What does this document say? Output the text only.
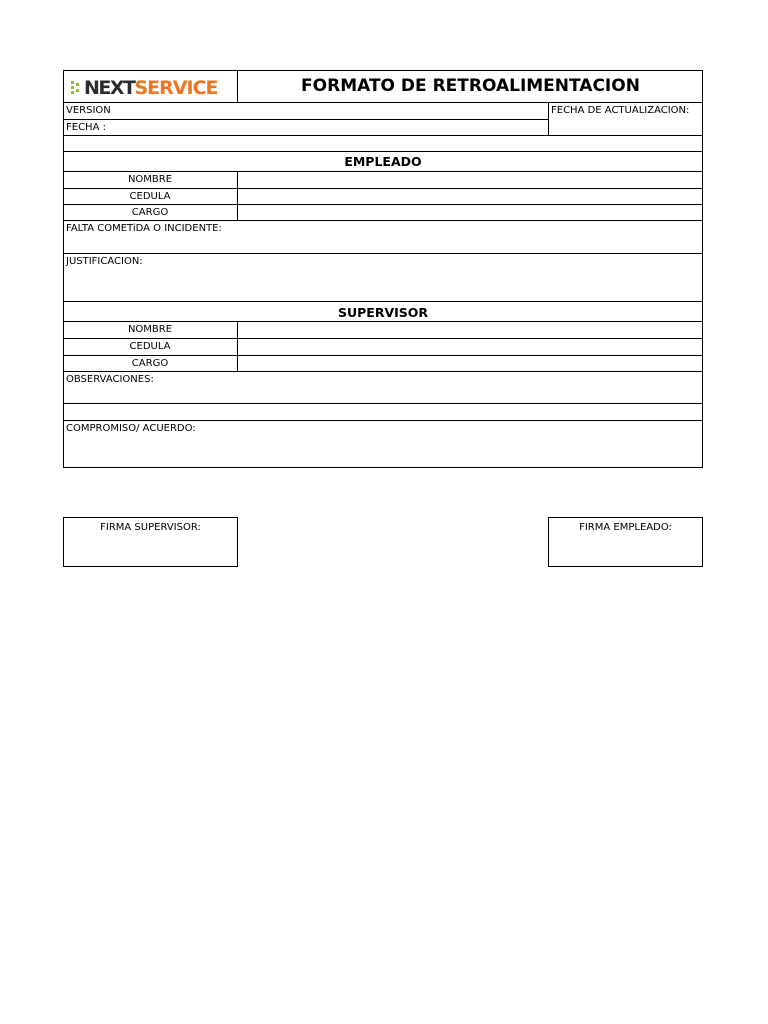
NEXT SERVICE	FORMATO DE RETROALIMENTACION
VERSION	FECHA DE ACTUALIZACION:
FECHA :
EMPLEADO
NOMBRE
CEDULA
CARGO
FALTA COMETiDA O INCIDENTE:
JUSTIFICACION:
SUPERVISOR
NOMBRE
CEDULA
CARGO
OBSERVACIONES:
COMPROMISO/ ACUERDO:
FIRMA SUPERVISOR:	FIRMA EMPLEADO:
